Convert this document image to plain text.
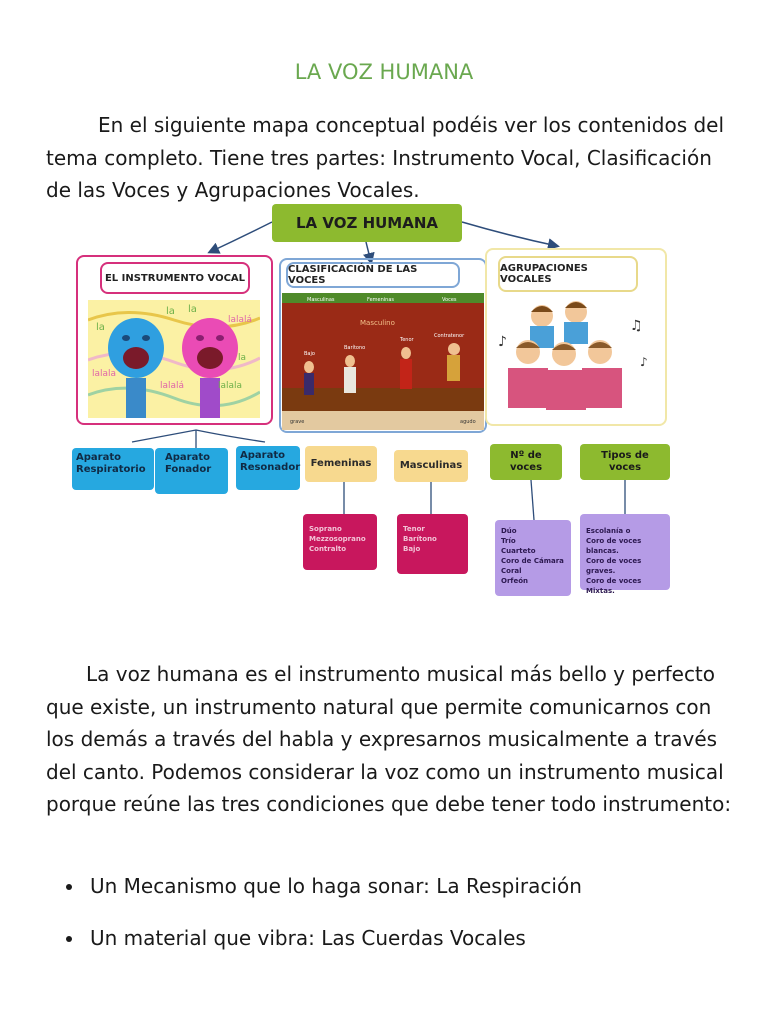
LA VOZ HUMANA

En el siguiente mapa conceptual podéis ver los contenidos del tema completo. Tiene tres partes: Instrumento Vocal, Clasificación de las Voces y Agrupaciones Vocales.

LA VOZ HUMANA
EL INSTRUMENTO VOCAL
CLASIFICACIÓN DE LAS VOCES
AGRUPACIONES VOCALES
la
la la
lalala
lalalá	lalala
lalalá
la
Masculinas	Femeninas	Voces
Masculino
Bajo
Barítono
Tenor
Contratenor
grave	agudo
♪
♫
♪
Aparato Respiratorio
Aparato Fonador
Aparato Resonador	Femeninas	Masculinas
Nº de voces
Tipos de voces
Soprano
Mezzosoprano
Contralto
Tenor
Barítono
Bajo
Dúo
Trío
Cuarteto
Coro de Cámara
Coral
Orfeón
Escolanía o
Coro de voces blancas.
Coro de voces graves.
Coro de voces
Mixtas.

La voz humana es el instrumento musical más bello y perfecto que existe, un instrumento natural que permite comunicarnos con los demás a través del habla y expresarnos musicalmente a través del canto. Podemos considerar la voz como un instrumento musical porque reúne las tres condiciones que debe tener todo instrumento:

Un Mecanismo que lo haga sonar: La Respiración
Un material que vibra: Las Cuerdas Vocales
